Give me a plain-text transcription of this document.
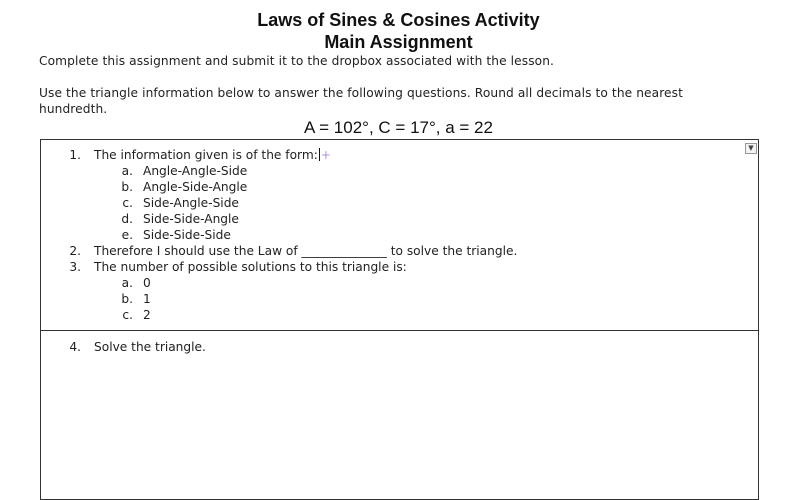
Laws of Sines & Cosines Activity
Main Assignment
Complete this assignment and submit it to the dropbox associated with the lesson.
Use the triangle information below to answer the following questions. Round all decimals to the nearest
hundredth.
A = 102°, C = 17°, a = 22
▼
1. The information given is of the form: +
a. Angle-Angle-Side
b. Angle-Side-Angle
c. Side-Angle-Side
d. Side-Side-Angle
e. Side-Side-Side
2. Therefore I should use the Law of ______________ to solve the triangle.
3. The number of possible solutions to this triangle is:
a. 0
b. 1
c. 2
4. Solve the triangle.
